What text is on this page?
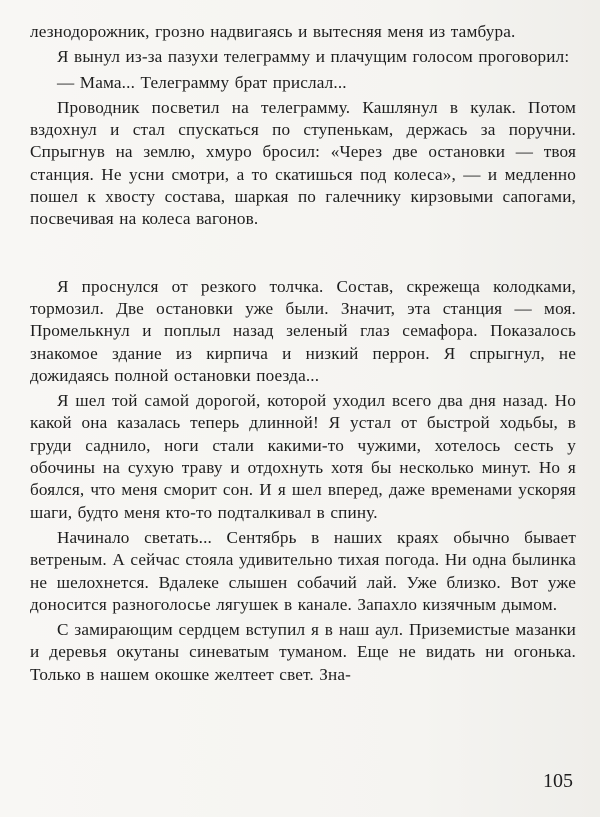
лезнодорожник, грозно надвигаясь и вытесняя меня из тамбура.

Я вынул из-за пазухи телеграмму и плачущим голосом проговорил:

— Мама... Телеграмму брат прислал...

Проводник посветил на телеграмму. Кашлянул в кулак. Потом вздохнул и стал спускаться по ступенькам, держась за поручни. Спрыгнув на землю, хмуро бросил: «Через две остановки — твоя станция. Не усни смотри, а то скатишься под колеса», — и медленно пошел к хвосту состава, шаркая по галечнику кирзовыми сапогами, посвечивая на колеса вагонов.

Я проснулся от резкого толчка. Состав, скрежеща колодками, тормозил. Две остановки уже были. Значит, эта станция — моя. Промелькнул и поплыл назад зеленый глаз семафора. Показалось знакомое здание из кирпича и низкий перрон. Я спрыгнул, не дожидаясь полной остановки поезда...

Я шел той самой дорогой, которой уходил всего два дня назад. Но какой она казалась теперь длинной! Я устал от быстрой ходьбы, в груди саднило, ноги стали какими-то чужими, хотелось сесть у обочины на сухую траву и отдохнуть хотя бы несколько минут. Но я боялся, что меня сморит сон. И я шел вперед, даже временами ускоряя шаги, будто меня кто-то подталкивал в спину.

Начинало светать... Сентябрь в наших краях обычно бывает ветреным. А сейчас стояла удивительно тихая погода. Ни одна былинка не шелохнется. Вдалеке слышен собачий лай. Уже близко. Вот уже доносится разноголосье лягушек в канале. Запахло кизячным дымом.

С замирающим сердцем вступил я в наш аул. Приземистые мазанки и деревья окутаны синеватым туманом. Еще не видать ни огонька. Только в нашем окошке желтеет свет. Зна-

105
